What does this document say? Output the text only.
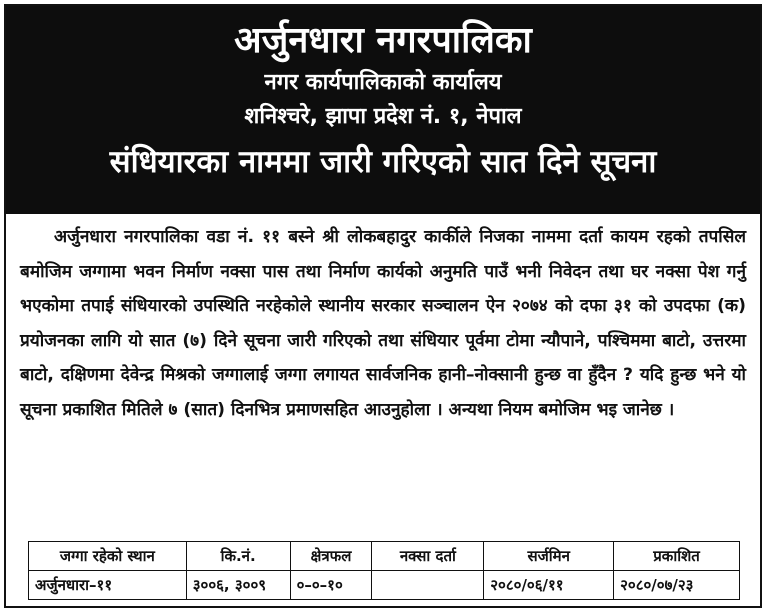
अर्जुनधारा नगरपालिका
नगर कार्यपालिकाको कार्यालय
शनिश्चरे, झापा प्रदेश नं. १, नेपाल
संधियारका नाममा जारी गरिएको सात दिने सूचना
अर्जुनधारा नगरपालिका वडा नं. ११ बस्ने श्री लोकबहादुर कार्कीले निजका नाममा दर्ता कायम रहको तपसिल बमोजिम जग्गामा भवन निर्माण नक्सा पास तथा निर्माण कार्यको अनुमति पाउँ भनी निवेदन तथा घर नक्सा पेश गर्नु भएकोमा तपाई संधियारको उपस्थिति नरहेकोले स्थानीय सरकार सञ्चालन ऐन २०७४ को दफा ३१ को उपदफा (क) प्रयोजनका लागि यो सात (७) दिने सूचना जारी गरिएको तथा संधियार पूर्वमा टोमा न्यौपाने, पश्चिममा बाटो, उत्तरमा बाटो, दक्षिणमा देवेन्द्र मिश्रको जग्गालाई जग्गा लगायत सार्वजनिक हानी–नोक्सानी हुन्छ वा हुँदैन ? यदि हुन्छ भने यो सूचना प्रकाशित मितिले ७ (सात) दिनभित्र प्रमाणसहित आउनुहोला । अन्यथा नियम बमोजिम भइ जानेछ ।
जग्गा रहेको स्थान	कि.नं.	क्षेत्रफल	नक्सा दर्ता	सर्जमिन	प्रकाशित
अर्जुनधारा–११	३००६, ३००९	०–०–१०		२०८०/०६/११	२०८०/०७/२३
